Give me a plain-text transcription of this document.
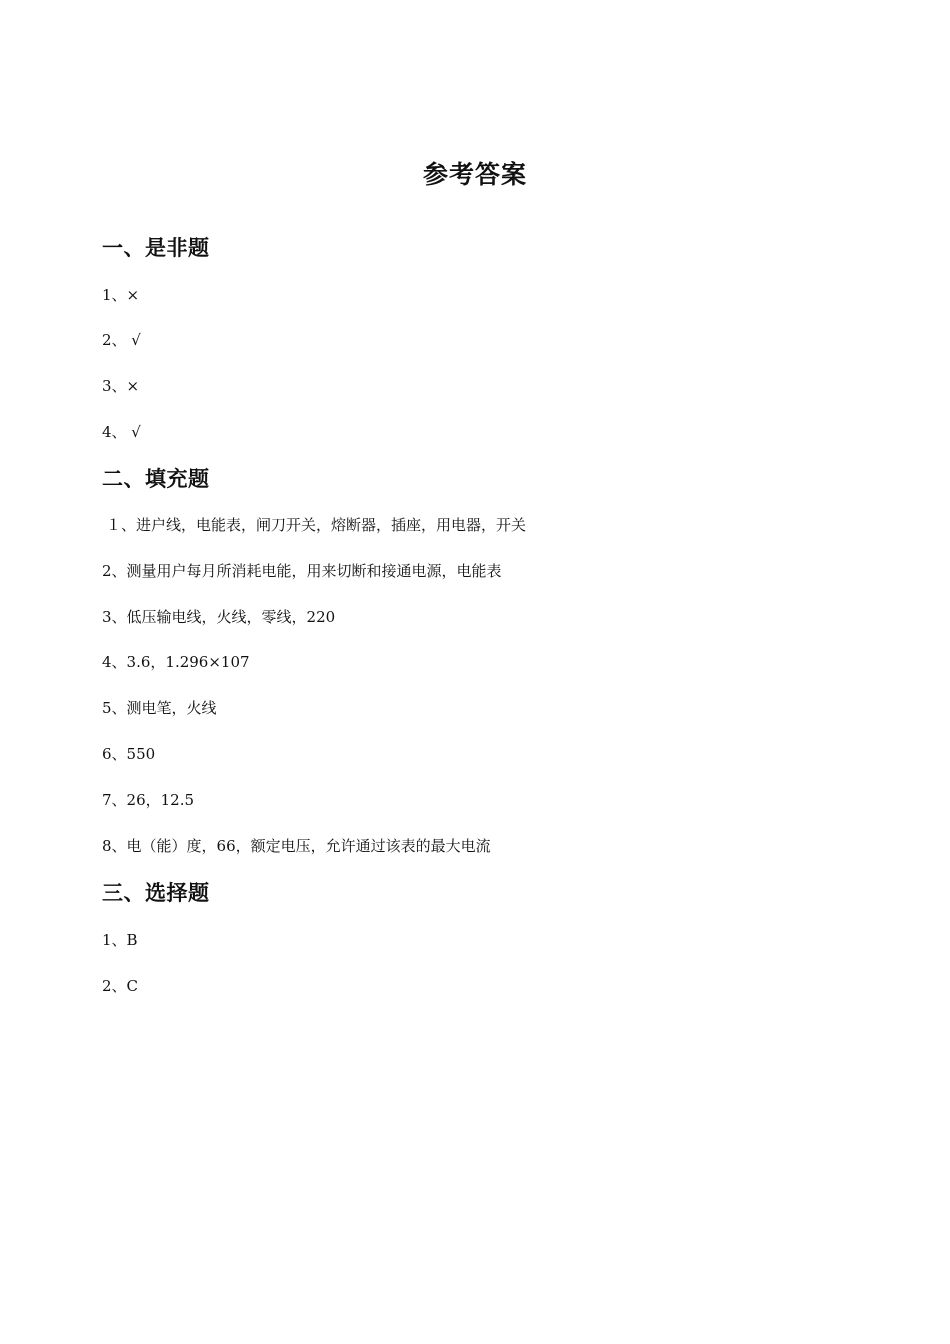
参考答案
一、是非题
1、×
2、 √
3、×
4、 √
二、填充题
１、进户线，电能表，闸刀开关，熔断器，插座，用电器，开关
2、测量用户每月所消耗电能，用来切断和接通电源，电能表
3、低压输电线，火线，零线，220
4、3.6，1.296×107
5、测电笔，火线
6、550
7、26，12.5
8、电（能）度，66，额定电压，允许通过该表的最大电流
三、选择题
1、B
2、C
